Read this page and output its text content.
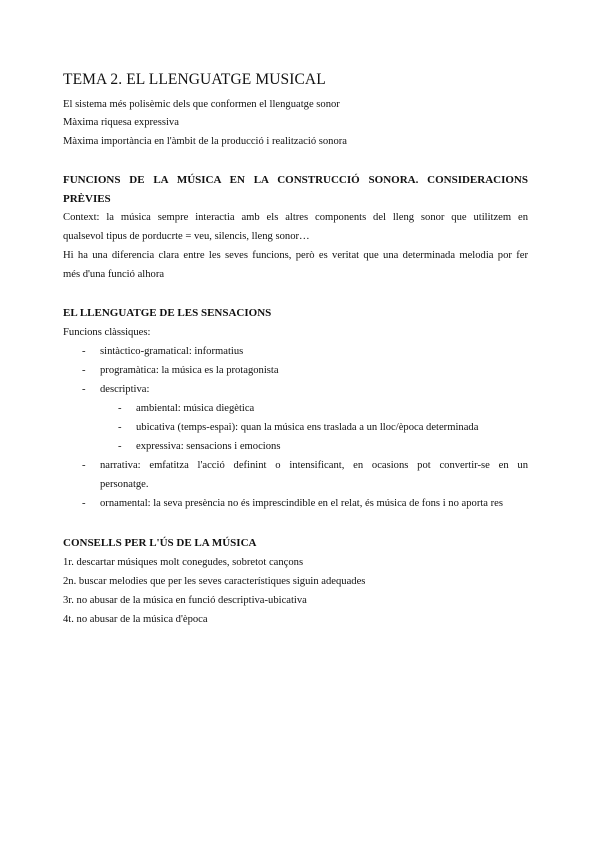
TEMA 2. EL LLENGUATGE MUSICAL
El sistema més polisèmic dels que conformen el llenguatge sonor
Màxima riquesa expressiva
Màxima importància en l'àmbit de la producció i realització sonora
FUNCIONS DE LA MÚSICA EN LA CONSTRUCCIÓ SONORA. CONSIDERACIONS
PRÈVIES
Context: la música sempre interactia amb els altres components del lleng sonor que utilitzem en
qualsevol tipus de porducrte = veu, silencis, lleng sonor…
Hi ha una diferencia clara entre les seves funcions, però es veritat que una determinada melodia por fer
més d'una funció alhora
EL LLENGUATGE DE LES SENSACIONS
Funcions clàssiques:
- sintàctico-gramatical: informatius
- programàtica: la música es la protagonista
- descriptiva:
- ambiental: música diegètica
- ubicativa (temps-espai): quan la música ens traslada a un lloc/època determinada
- expressiva: sensacions i emocions
- narrativa: emfatitza l'acció definint o intensificant, en ocasions pot convertir-se en un
personatge.
- ornamental: la seva presència no és imprescindible en el relat, és música de fons i no aporta res
CONSELLS PER L'ÚS DE LA MÚSICA
1r. descartar músiques molt conegudes, sobretot cançons
2n. buscar melodies que per les seves característiques siguin adequades
3r. no abusar de la música en funció descriptiva-ubicativa
4t. no abusar de la música d'època
